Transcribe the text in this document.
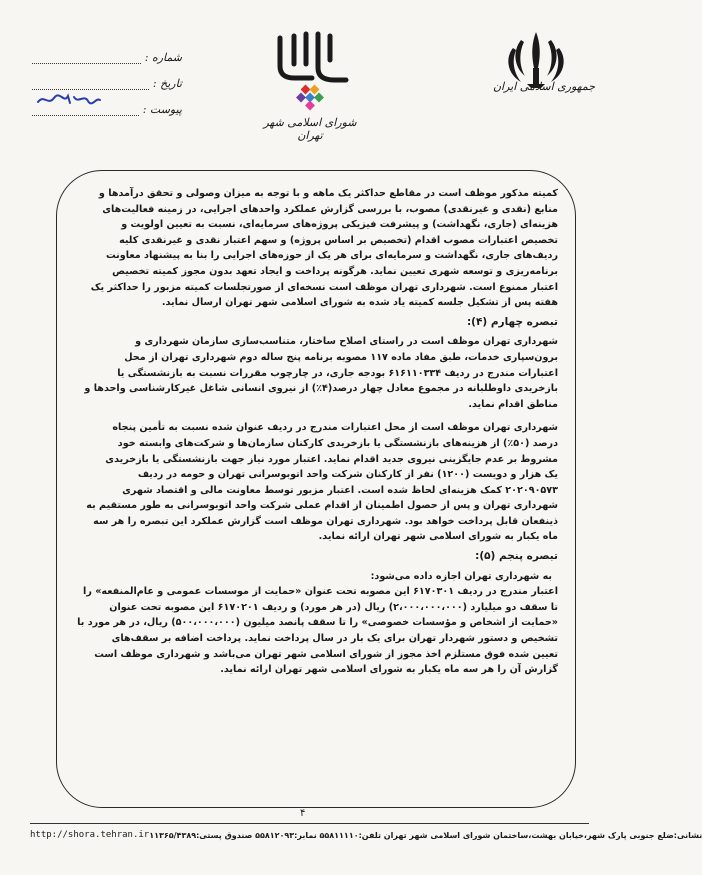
شماره :
تاریخ :
پیوست :
شورای اسلامی شهر تهران
جمهوری اسلامی ایران

کمیته مذکور موظف است در مقاطع حداکثر یک ماهه و با توجه به میزان وصولی و تحقق درآمدها و
منابع (نقدی و غیرنقدی) مصوب، با بررسی گزارش عملکرد واحدهای اجرایی، در زمینه فعالیت‌های
هزینه‌ای (جاری، نگهداشت) و پیشرفت فیزیکی پروژه‌های سرمایه‌ای، نسبت به تعیین اولویت و
تخصیص اعتبارات مصوب اقدام (تخصیص بر اساس پروژه) و سهم اعتبار نقدی و غیرنقدی کلیه
ردیف‌های جاری، نگهداشت و سرمایه‌ای برای هر یک از حوزه‌های اجرایی را بنا به پیشنهاد معاونت
برنامه‌ریزی و توسعه شهری تعیین نماید. هرگونه پرداخت و ایجاد تعهد بدون مجوز کمیته تخصیص
اعتبار ممنوع است. شهرداری تهران موظف است نسخه‌ای از صورتجلسات کمیته مزبور را حداکثر یک
هفته پس از تشکیل جلسه کمیته یاد شده به شورای اسلامی شهر تهران ارسال نماید.

تبصره چهارم (۴):

شهرداری تهران موظف است در راستای اصلاح ساختار، متناسب‌سازی سازمان شهرداری و
برون‌سپاری خدمات، طبق مفاد ماده ۱۱۷ مصوبه برنامه پنج ساله دوم شهرداری تهران از محل
اعتبارات مندرج در ردیف ۶۱۶۱۱۰۳۳۴ بودجه جاری، در چارچوب مقررات نسبت به بازنشستگی یا
بازخریدی داوطلبانه در مجموع معادل چهار درصد(۴٪) از نیروی انسانی شاغل غیرکارشناسی واحدها و
مناطق اقدام نماید.

شهرداری تهران موظف است از محل اعتبارات مندرج در ردیف عنوان شده نسبت به تأمین پنجاه
درصد (۵۰٪) از هزینه‌های بازنشستگی یا بازخریدی کارکنان سازمان‌ها و شرکت‌های وابسته خود
مشروط بر عدم جایگزینی نیروی جدید اقدام نماید. اعتبار مورد نیاز جهت بازنشستگی یا بازخریدی
یک هزار و دویست (۱۲۰۰) نفر از کارکنان شرکت واحد اتوبوسرانی تهران و حومه در ردیف
۲۰۲۰۹۰۵۷۳ کمک هزینه‌ای لحاظ شده است. اعتبار مزبور توسط معاونت مالی و اقتصاد شهری
شهرداری تهران و پس از حصول اطمینان از اقدام عملی شرکت واحد اتوبوسرانی به طور مستقیم به
ذینفعان قابل پرداخت خواهد بود. شهرداری تهران موظف است گزارش عملکرد این تبصره را هر سه
ماه یکبار به شورای اسلامی شهر تهران ارائه نماید.

تبصره پنجم (۵):

به شهرداری تهران اجازه داده می‌شود:

اعتبار مندرج در ردیف ۶۱۷۰۳۰۱ این مصوبه تحت عنوان «حمایت از موسسات عمومی و عام‌المنفعه» را
تا سقف دو میلیارد (۲،۰۰۰،۰۰۰،۰۰۰) ریال (در هر مورد) و ردیف ۶۱۷۰۲۰۱ این مصوبه تحت عنوان
«حمایت از اشخاص و مؤسسات خصوصی» را تا سقف پانصد میلیون (۵۰۰،۰۰۰،۰۰۰) ریال، در هر مورد با
تشخیص و دستور شهردار تهران برای یک بار در سال پرداخت نماید. پرداخت اضافه بر سقف‌های
تعیین شده فوق مستلزم اخذ مجوز از شورای اسلامی شهر تهران می‌باشد و شهرداری موظف است
گزارش آن را هر سه ماه یکبار به شورای اسلامی شهر تهران ارائه نماید.

۴
http://shora.tehran.ir نشانی:ضلع جنوبی پارک شهر،خیابان بهشت،ساختمان شورای اسلامی شهر تهران تلفن:۵۵۸۱۱۱۱۰ نمابر:۵۵۸۱۲۰۹۳ صندوق پستی:۱۱۳۶۵/۴۳۸۹
